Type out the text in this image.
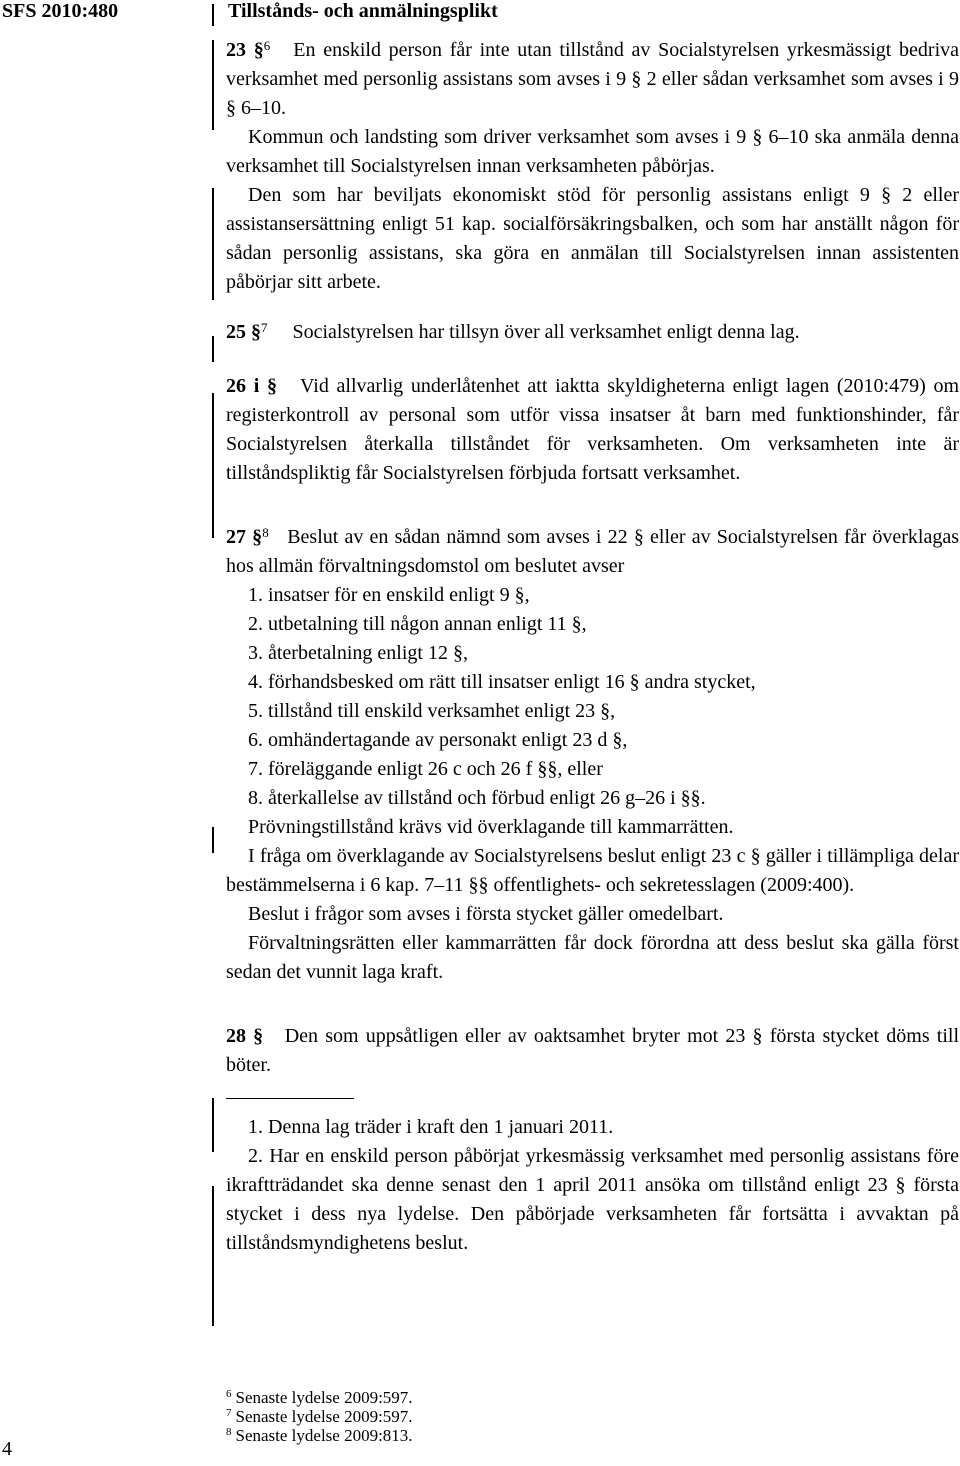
SFS 2010:480	Tillstånds- och anmälningsplikt

23 §$^6$ En enskild person får inte utan tillstånd av Socialstyrelsen yrkesmässigt bedriva verksamhet med personlig assistans som avses i 9 § 2 eller sådan verksamhet som avses i 9 § 6–10.

Kommun och landsting som driver verksamhet som avses i 9 § 6–10 ska anmäla denna verksamhet till Socialstyrelsen innan verksamheten påbörjas.

Den som har beviljats ekonomiskt stöd för personlig assistans enligt 9 § 2 eller assistansersättning enligt 51 kap. socialförsäkringsbalken, och som har anställt någon för sådan personlig assistans, ska göra en anmälan till Socialstyrelsen innan assistenten påbörjar sitt arbete.

25 §$^7$ Socialstyrelsen har tillsyn över all verksamhet enligt denna lag.

26 i § Vid allvarlig underlåtenhet att iaktta skyldigheterna enligt lagen (2010:479) om registerkontroll av personal som utför vissa insatser åt barn med funktionshinder, får Socialstyrelsen återkalla tillståndet för verksamheten. Om verksamheten inte är tillståndspliktig får Socialstyrelsen förbjuda fortsatt verksamhet.

27 §$^8$ Beslut av en sådan nämnd som avses i 22 § eller av Socialstyrelsen får överklagas hos allmän förvaltningsdomstol om beslutet avser

1. insatser för en enskild enligt 9 §,

2. utbetalning till någon annan enligt 11 §,

3. återbetalning enligt 12 §,

4. förhandsbesked om rätt till insatser enligt 16 § andra stycket,

5. tillstånd till enskild verksamhet enligt 23 §,

6. omhändertagande av personakt enligt 23 d §,

7. föreläggande enligt 26 c och 26 f §§, eller

8. återkallelse av tillstånd och förbud enligt 26 g–26 i §§.

Prövningstillstånd krävs vid överklagande till kammarrätten.

I fråga om överklagande av Socialstyrelsens beslut enligt 23 c § gäller i tillämpliga delar bestämmelserna i 6 kap. 7–11 §§ offentlighets- och sekretesslagen (2009:400).

Beslut i frågor som avses i första stycket gäller omedelbart.

Förvaltningsrätten eller kammarrätten får dock förordna att dess beslut ska gälla först sedan det vunnit laga kraft.

28 § Den som uppsåtligen eller av oaktsamhet bryter mot 23 § första stycket döms till böter.

1. Denna lag träder i kraft den 1 januari 2011.

2. Har en enskild person påbörjat yrkesmässig verksamhet med personlig assistans före ikraftträdandet ska denne senast den 1 april 2011 ansöka om tillstånd enligt 23 § första stycket i dess nya lydelse. Den påbörjade verksamheten får fortsätta i avvaktan på tillståndsmyndighetens beslut.

$^6$ Senaste lydelse 2009:597.

$^7$ Senaste lydelse 2009:597.

$^8$ Senaste lydelse 2009:813.

4
